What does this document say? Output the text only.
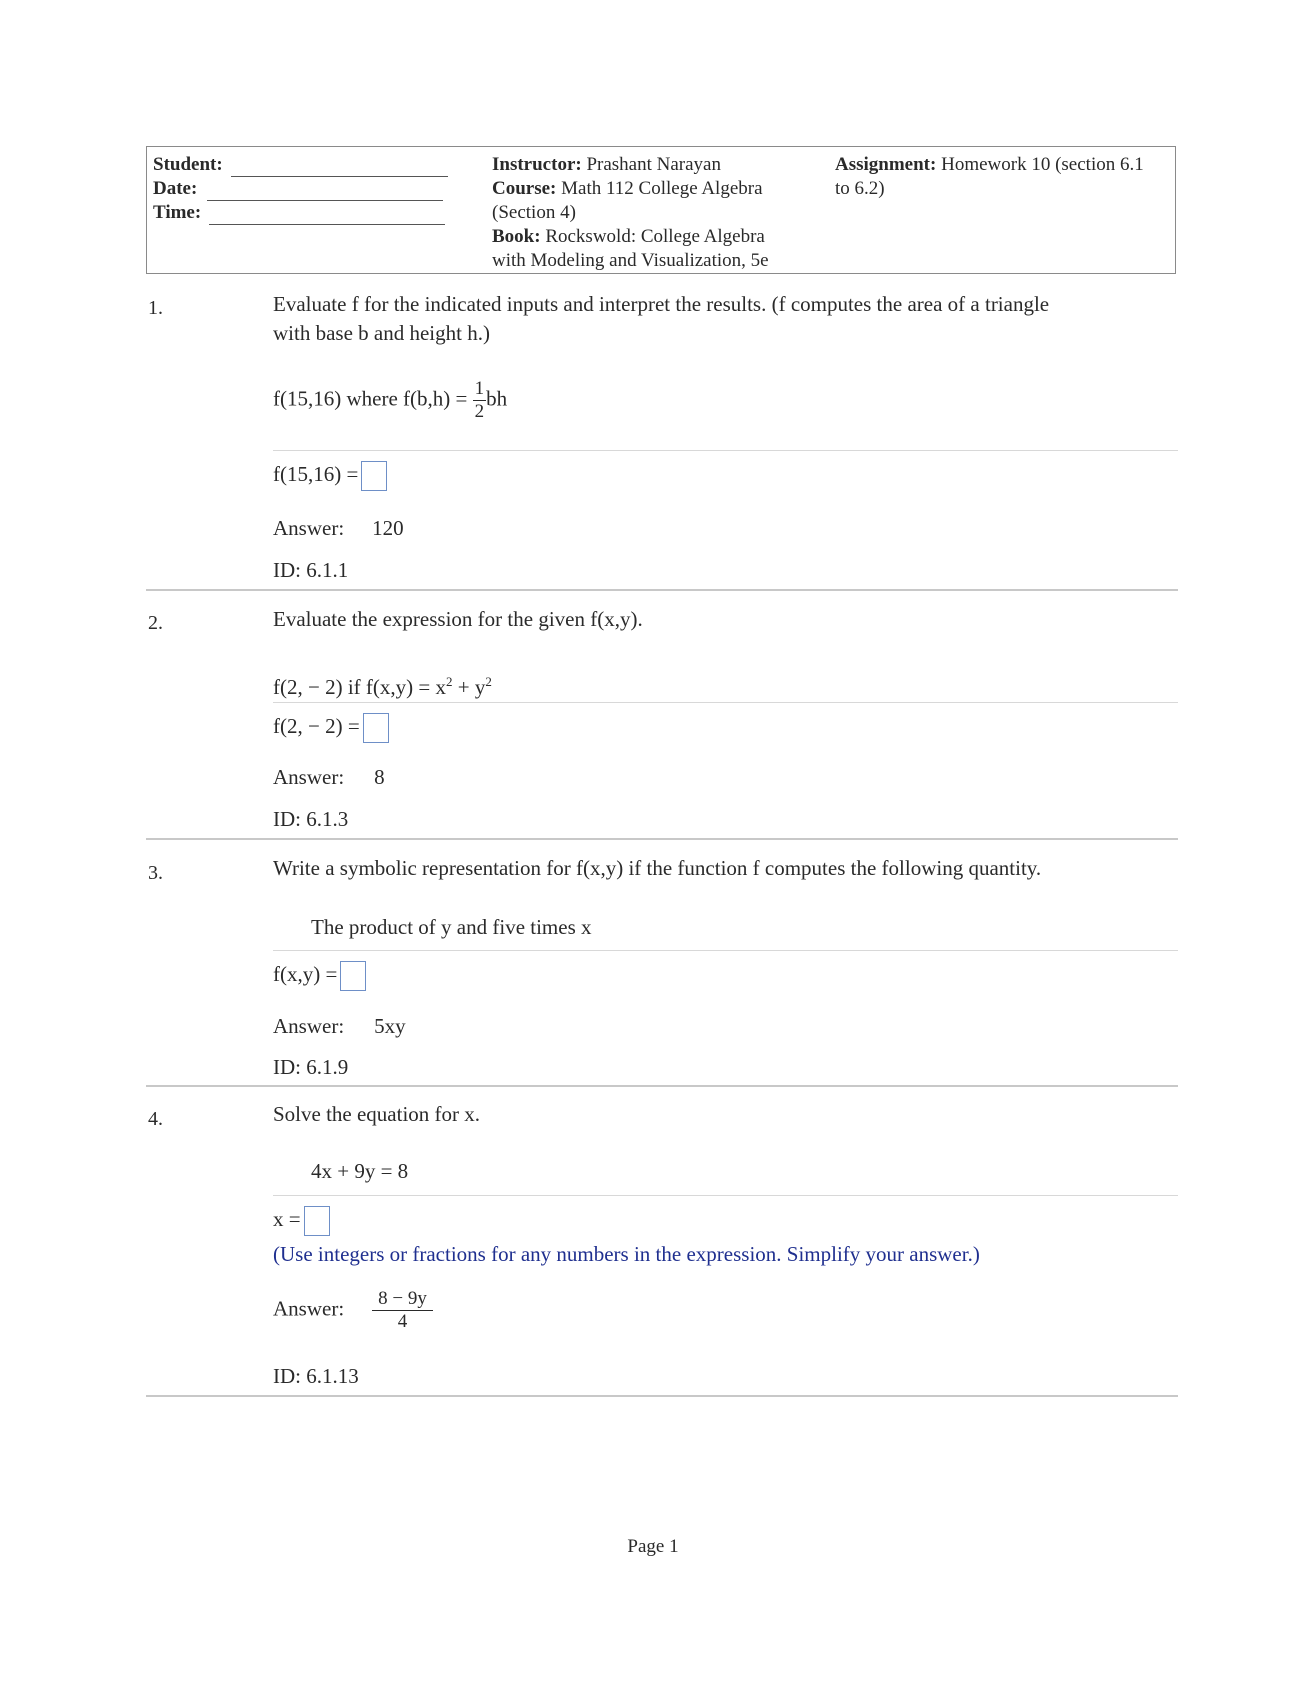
Student:
Date:
Time:
Instructor: Prashant Narayan
Course: Math 112 College Algebra
(Section 4)
Book: Rockswold: College Algebra
with Modeling and Visualization, 5e
Assignment: Homework 10 (section 6.1
to 6.2)
1.	Evaluate f for the indicated inputs and interpret the results. (f computes the area of a triangle
with base b and height h.)
f(15,16) where $f(b,h) = \frac{1}{2}$ bh
f(15,16) =
Answer: 120
ID: 6.1.1
2.	Evaluate the expression for the given f(x,y).
f(2, − 2) if $f(x,y) = x^2 + y^2$
f(2, − 2) =
Answer: 8
ID: 6.1.3
3.	Write a symbolic representation for f(x,y) if the function f computes the following quantity.
The product of y and five times x
f(x,y) =
Answer: 5xy
ID: 6.1.9
4.	Solve the equation for x.
4x + 9y = 8
x =
(Use integers or fractions for any numbers in the expression. Simplify your answer.)
Answer: $\frac{8 - 9y}{4}$
ID: 6.1.13
Page 1
